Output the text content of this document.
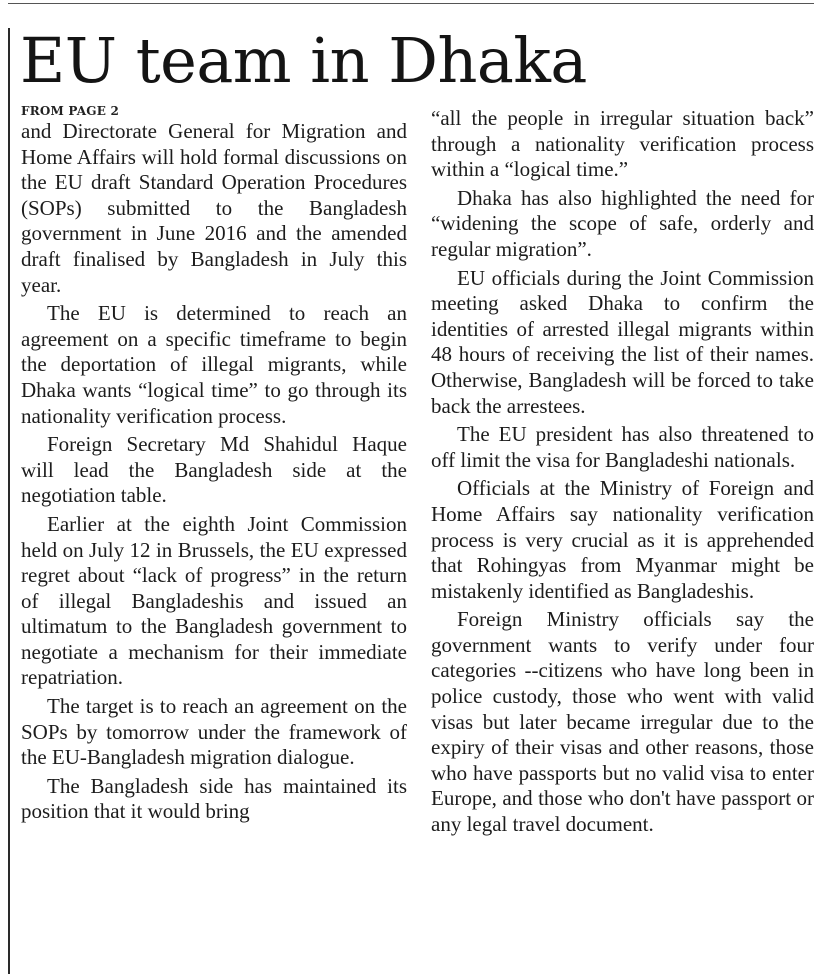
EU team in Dhaka
FROM PAGE 2

and Directorate General for Migration and Home Affairs will hold formal discussions on the EU draft Standard Operation Procedures (SOPs) submitted to the Bangladesh government in June 2016 and the amended draft finalised by Bangladesh in July this year.

The EU is determined to reach an agreement on a specific timeframe to begin the deportation of illegal migrants, while Dhaka wants “logical time” to go through its nationality verification process.

Foreign Secretary Md Shahidul Haque will lead the Bangladesh side at the negotiation table.

Earlier at the eighth Joint Commission held on July 12 in Brussels, the EU expressed regret about “lack of progress” in the return of illegal Bangladeshis and issued an ultimatum to the Bangladesh government to negotiate a mechanism for their immediate repatriation.

The target is to reach an agreement on the SOPs by tomorrow under the framework of the EU-Bangladesh migration dialogue.

The Bangladesh side has maintained its position that it would bring

“all the people in irregular situation back” through a nationality verification process within a “logical time.”

Dhaka has also highlighted the need for “widening the scope of safe, orderly and regular migration”.

EU officials during the Joint Commission meeting asked Dhaka to confirm the identities of arrested illegal migrants within 48 hours of receiving the list of their names. Otherwise, Bangladesh will be forced to take back the arrestees.

The EU president has also threatened to off limit the visa for Bangladeshi nationals.

Officials at the Ministry of Foreign and Home Affairs say nationality verification process is very crucial as it is apprehended that Rohingyas from Myanmar might be mistakenly identified as Bangladeshis.

Foreign Ministry officials say the government wants to verify under four categories --citizens who have long been in police custody, those who went with valid visas but later became irregular due to the expiry of their visas and other reasons, those who have passports but no valid visa to enter Europe, and those who don't have passport or any legal travel document.
